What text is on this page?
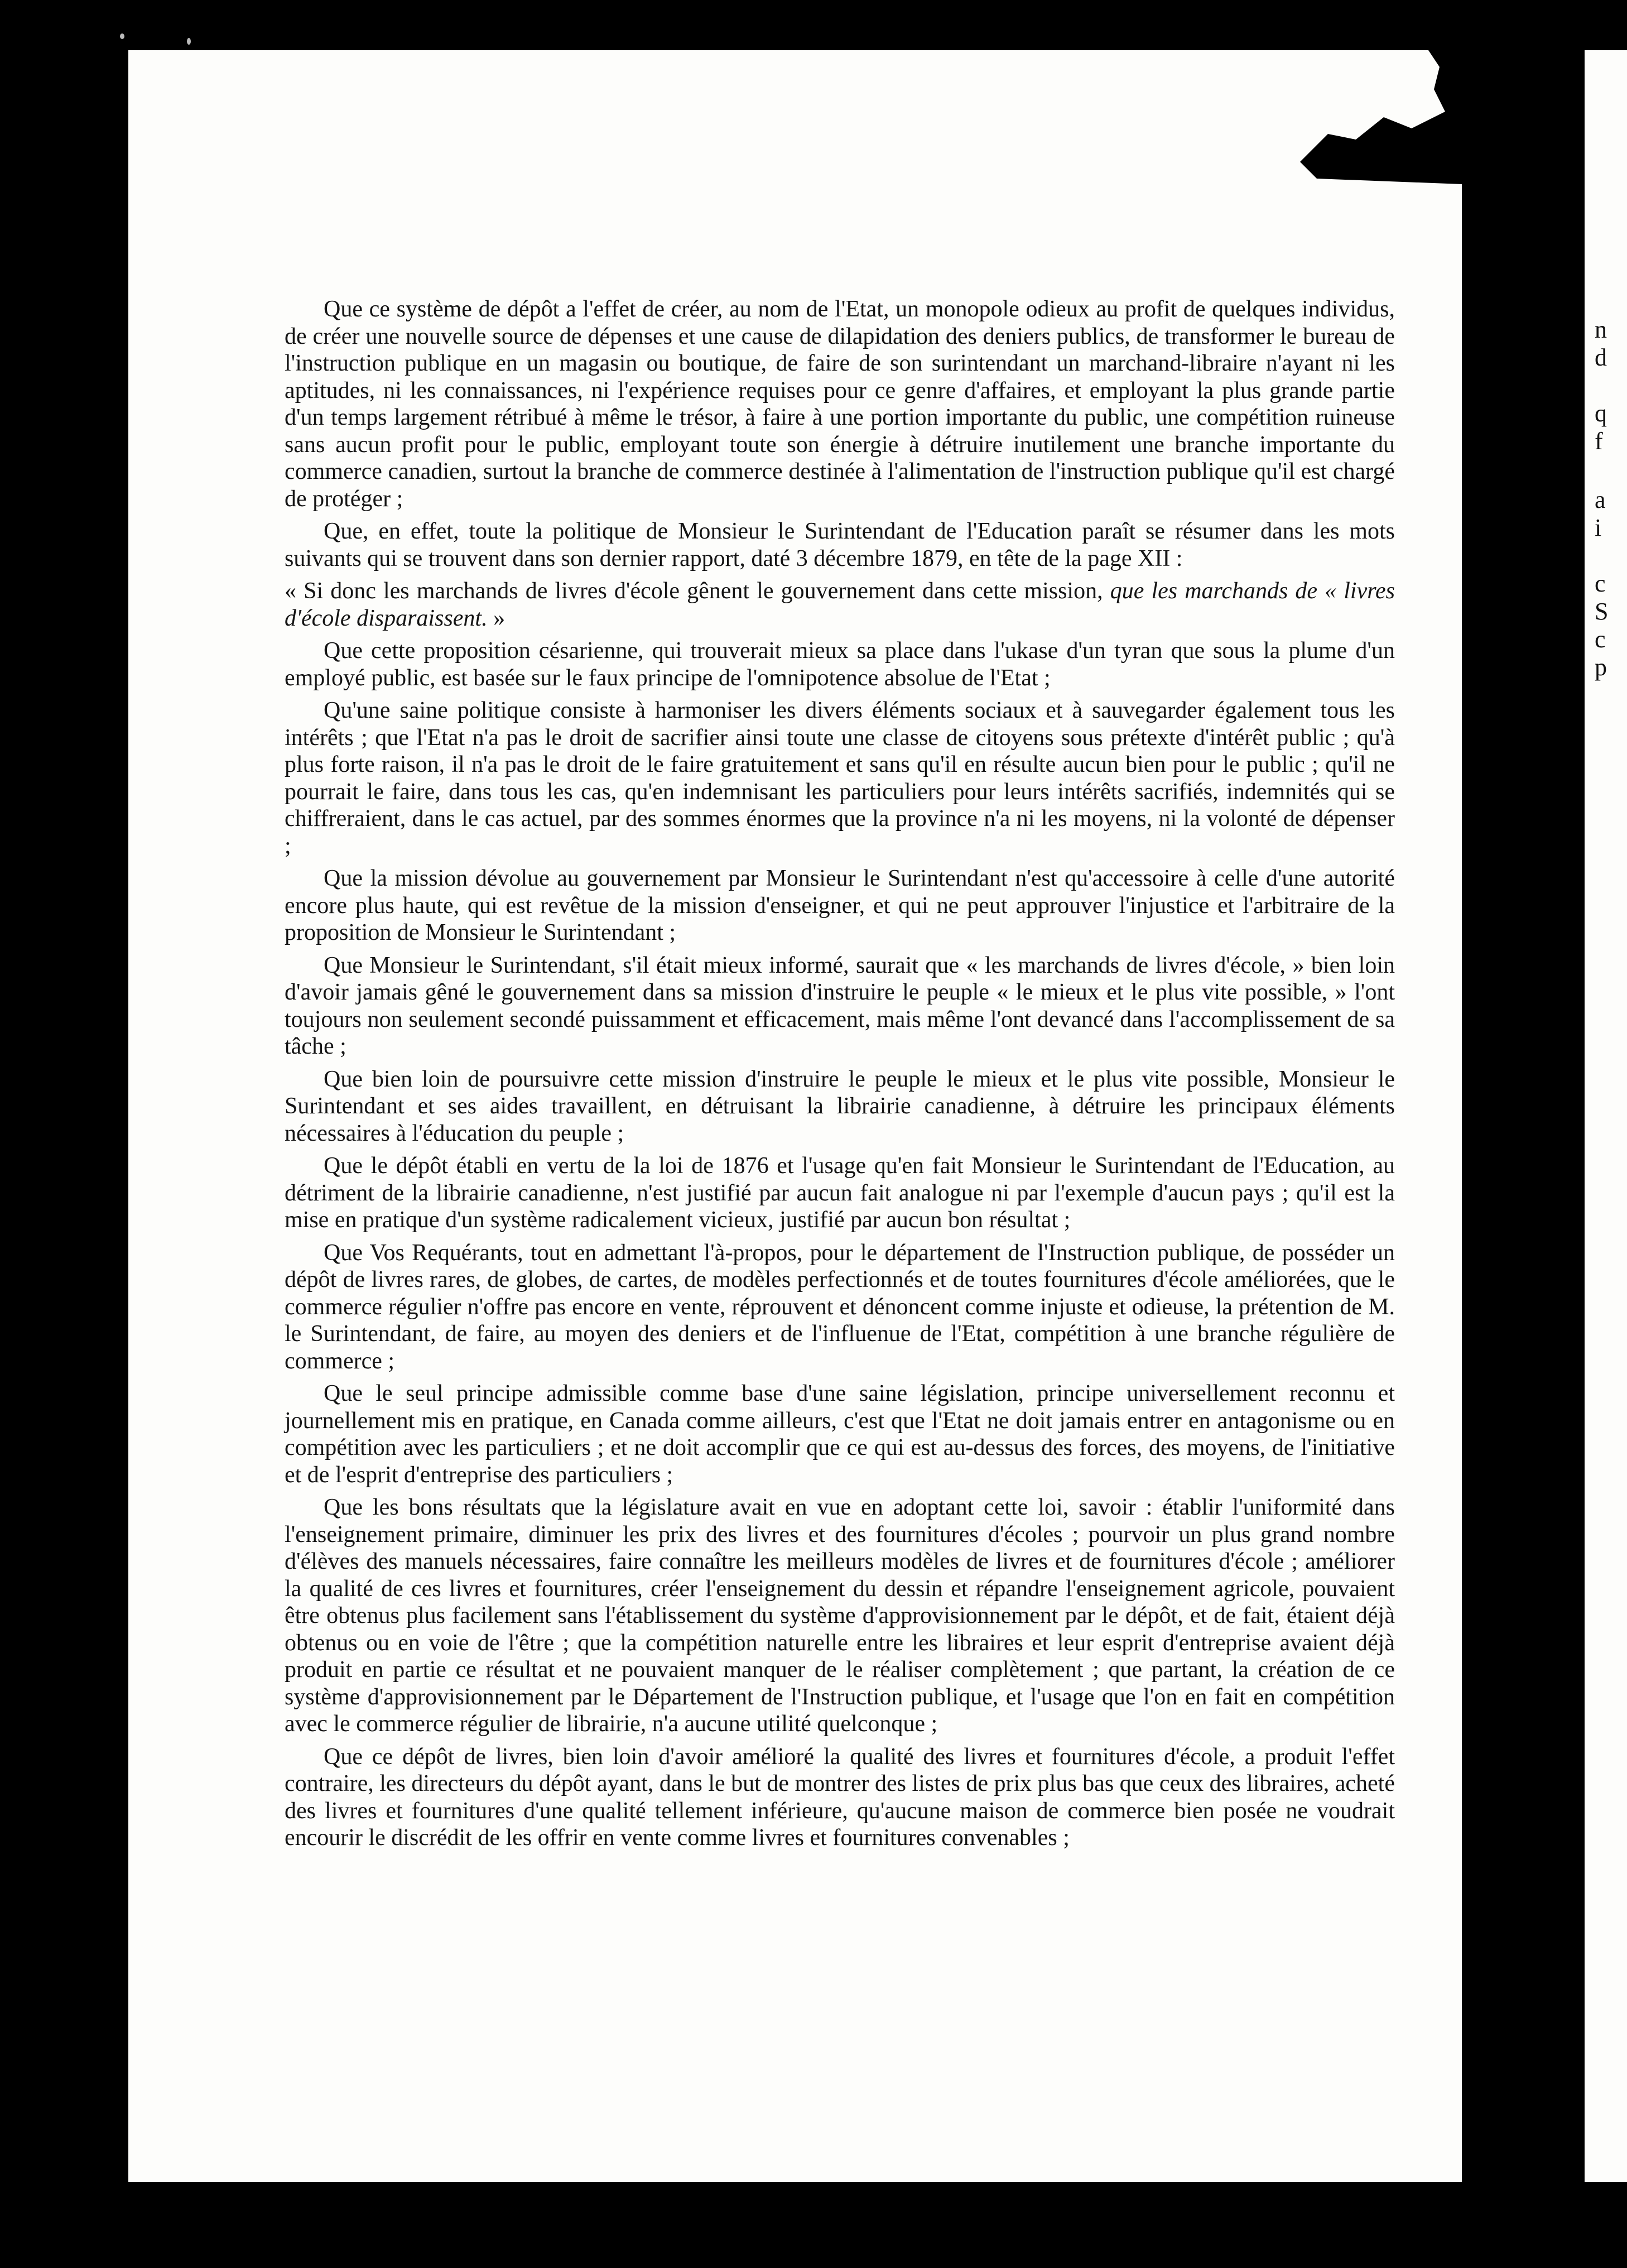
n
d
q
f
a
i
c
S
c
p

Que ce système de dépôt a l'effet de créer, au nom de l'Etat, un monopole odieux au profit de quelques individus, de créer une nouvelle source de dépenses et une cause de dilapidation des deniers publics, de transformer le bureau de l'instruction publique en un magasin ou boutique, de faire de son surintendant un marchand-libraire n'ayant ni les aptitudes, ni les connaissances, ni l'expérience requises pour ce genre d'affaires, et employant la plus grande partie d'un temps largement rétribué à même le trésor, à faire à une portion importante du public, une compétition ruineuse sans aucun profit pour le public, employant toute son énergie à détruire inutilement une branche importante du commerce canadien, surtout la branche de commerce destinée à l'alimentation de l'instruction publique qu'il est chargé de protéger ;

Que, en effet, toute la politique de Monsieur le Surintendant de l'Education paraît se résumer dans les mots suivants qui se trouvent dans son dernier rapport, daté 3 décembre 1879, en tête de la page XII :

« Si donc les marchands de livres d'école gênent le gouvernement dans cette mission, que les marchands de « livres d'école disparaissent. »

Que cette proposition césarienne, qui trouverait mieux sa place dans l'ukase d'un tyran que sous la plume d'un employé public, est basée sur le faux principe de l'omnipotence absolue de l'Etat ;

Qu'une saine politique consiste à harmoniser les divers éléments sociaux et à sauvegarder également tous les intérêts ; que l'Etat n'a pas le droit de sacrifier ainsi toute une classe de citoyens sous prétexte d'intérêt public ; qu'à plus forte raison, il n'a pas le droit de le faire gratuitement et sans qu'il en résulte aucun bien pour le public ; qu'il ne pourrait le faire, dans tous les cas, qu'en indemnisant les particuliers pour leurs intérêts sacrifiés, indemnités qui se chiffreraient, dans le cas actuel, par des sommes énormes que la province n'a ni les moyens, ni la volonté de dépenser ;

Que la mission dévolue au gouvernement par Monsieur le Surintendant n'est qu'accessoire à celle d'une autorité encore plus haute, qui est revêtue de la mission d'enseigner, et qui ne peut approuver l'injustice et l'arbitraire de la proposition de Monsieur le Surintendant ;

Que Monsieur le Surintendant, s'il était mieux informé, saurait que « les marchands de livres d'école, » bien loin d'avoir jamais gêné le gouvernement dans sa mission d'instruire le peuple « le mieux et le plus vite possible, » l'ont toujours non seulement secondé puissamment et efficacement, mais même l'ont devancé dans l'accomplissement de sa tâche ;

Que bien loin de poursuivre cette mission d'instruire le peuple le mieux et le plus vite possible, Monsieur le Surintendant et ses aides travaillent, en détruisant la librairie canadienne, à détruire les principaux éléments nécessaires à l'éducation du peuple ;

Que le dépôt établi en vertu de la loi de 1876 et l'usage qu'en fait Monsieur le Surintendant de l'Education, au détriment de la librairie canadienne, n'est justifié par aucun fait analogue ni par l'exemple d'aucun pays ; qu'il est la mise en pratique d'un système radicalement vicieux, justifié par aucun bon résultat ;

Que Vos Requérants, tout en admettant l'à-propos, pour le département de l'Instruction publique, de posséder un dépôt de livres rares, de globes, de cartes, de modèles perfectionnés et de toutes fournitures d'école améliorées, que le commerce régulier n'offre pas encore en vente, réprouvent et dénoncent comme injuste et odieuse, la prétention de M. le Surintendant, de faire, au moyen des deniers et de l'influenue de l'Etat, compétition à une branche régulière de commerce ;

Que le seul principe admissible comme base d'une saine législation, principe universellement reconnu et journellement mis en pratique, en Canada comme ailleurs, c'est que l'Etat ne doit jamais entrer en antagonisme ou en compétition avec les particuliers ; et ne doit accomplir que ce qui est au-dessus des forces, des moyens, de l'initiative et de l'esprit d'entreprise des particuliers ;

Que les bons résultats que la législature avait en vue en adoptant cette loi, savoir : établir l'uniformité dans l'enseignement primaire, diminuer les prix des livres et des fournitures d'écoles ; pourvoir un plus grand nombre d'élèves des manuels nécessaires, faire connaître les meilleurs modèles de livres et de fournitures d'école ; améliorer la qualité de ces livres et fournitures, créer l'enseignement du dessin et répandre l'enseignement agricole, pouvaient être obtenus plus facilement sans l'établissement du système d'approvisionnement par le dépôt, et de fait, étaient déjà obtenus ou en voie de l'être ; que la compétition naturelle entre les libraires et leur esprit d'entreprise avaient déjà produit en partie ce résultat et ne pouvaient manquer de le réaliser complètement ; que partant, la création de ce système d'approvisionnement par le Département de l'Instruction publique, et l'usage que l'on en fait en compétition avec le commerce régulier de librairie, n'a aucune utilité quelconque ;

Que ce dépôt de livres, bien loin d'avoir amélioré la qualité des livres et fournitures d'école, a produit l'effet contraire, les directeurs du dépôt ayant, dans le but de montrer des listes de prix plus bas que ceux des libraires, acheté des livres et fournitures d'une qualité tellement inférieure, qu'aucune maison de commerce bien posée ne voudrait encourir le discrédit de les offrir en vente comme livres et fournitures convenables ;
